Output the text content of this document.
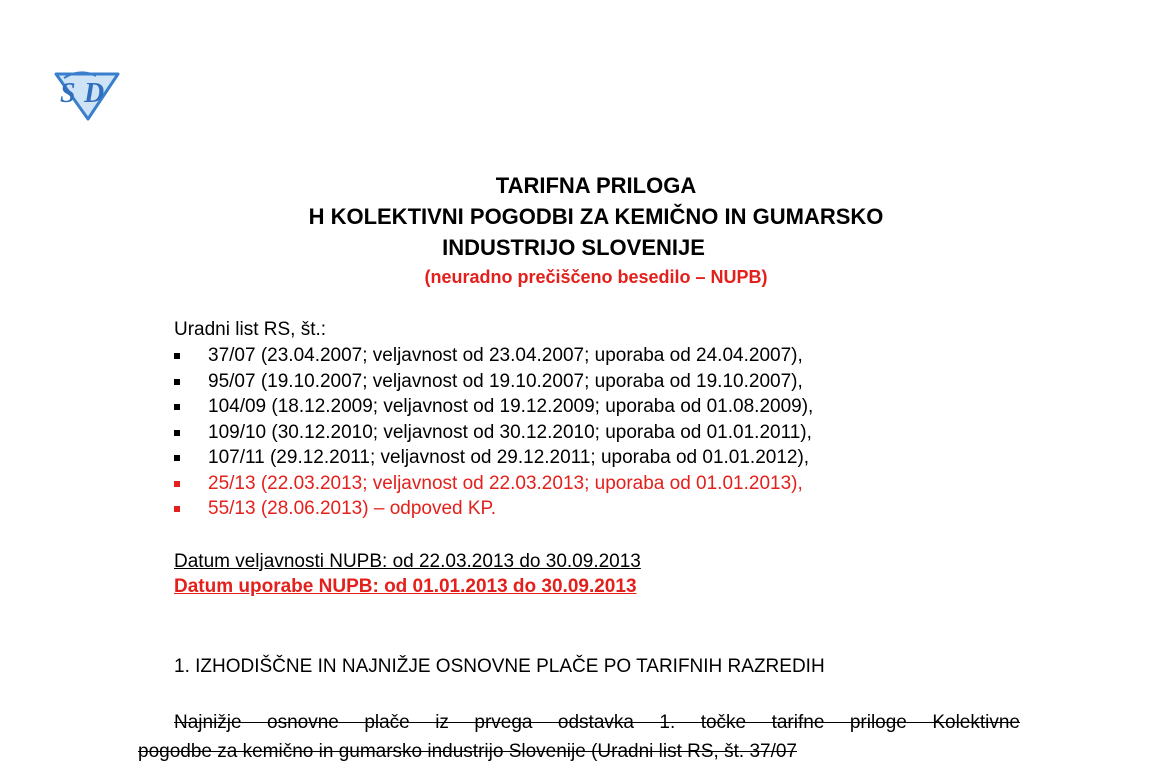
S D
TARIFNA PRILOGA
H KOLEKTIVNI POGODBI ZA KEMIČNO IN GUMARSKO
INDUSTRIJO SLOVENIJE
(neuradno prečiščeno besedilo – NUPB)
Uradni list RS, št.:
37/07 (23.04.2007; veljavnost od 23.04.2007; uporaba od 24.04.2007),
95/07 (19.10.2007; veljavnost od 19.10.2007; uporaba od 19.10.2007),
104/09 (18.12.2009; veljavnost od 19.12.2009; uporaba od 01.08.2009),
109/10 (30.12.2010; veljavnost od 30.12.2010; uporaba od 01.01.2011),
107/11 (29.12.2011; veljavnost od 29.12.2011; uporaba od 01.01.2012),
25/13 (22.03.2013; veljavnost od 22.03.2013; uporaba od 01.01.2013),
55/13 (28.06.2013) – odpoved KP.
Datum veljavnosti NUPB: od 22.03.2013 do 30.09.2013
Datum uporabe NUPB: od 01.01.2013 do 30.09.2013
1. IZHODIŠČNE IN NAJNIŽJE OSNOVNE PLAČE PO TARIFNIH RAZREDIH
Najnižje osnovne plače iz prvega odstavka 1. točke tarifne priloge Kolektivne
pogodbe za kemično in gumarsko industrijo Slovenije (Uradni list RS, št. 37/07
